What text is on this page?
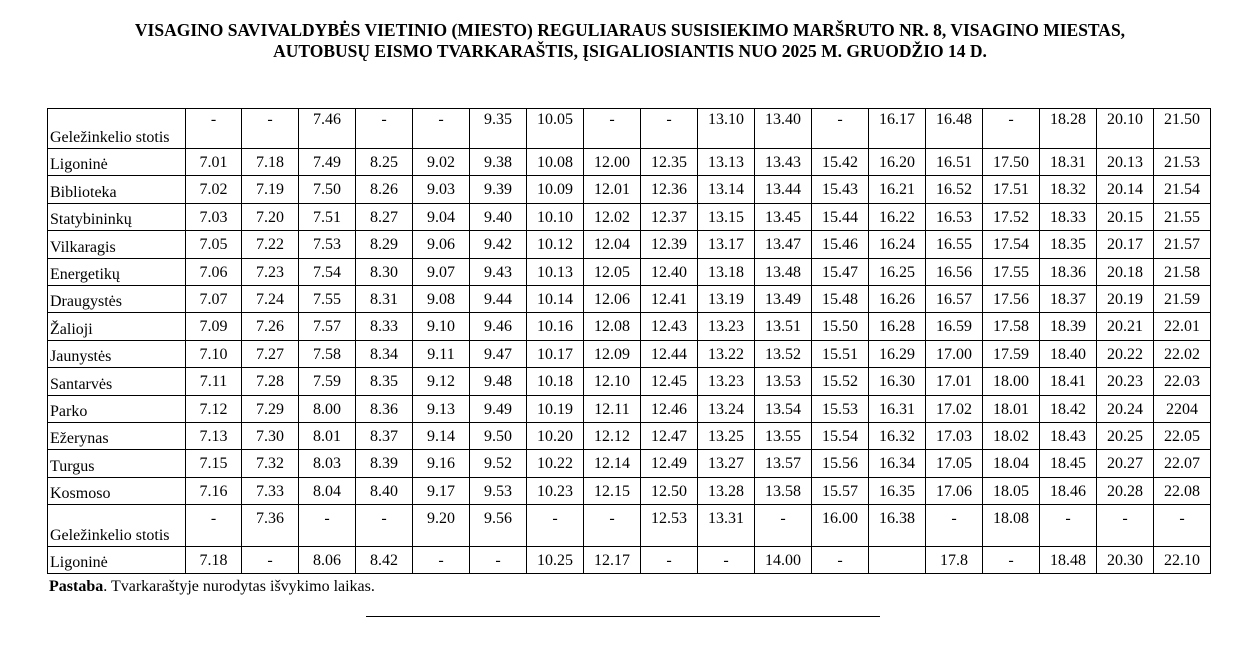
VISAGINO SAVIVALDYBĖS VIETINIO (MIESTO) REGULIARAUS SUSISIEKIMO MARŠRUTO NR. 8, VISAGINO MIESTAS,
AUTOBUSŲ EISMO TVARKARAŠTIS, ĮSIGALIOSIANTIS NUO 2025 M. GRUODŽIO 14 D.
Geležinkelio stotis	-	-	7.46	-	-	9.35	10.05	-	-	13.10	13.40	-	16.17	16.48	-	18.28	20.10	21.50
Ligoninė	7.01	7.18	7.49	8.25	9.02	9.38	10.08	12.00	12.35	13.13	13.43	15.42	16.20	16.51	17.50	18.31	20.13	21.53
Biblioteka	7.02	7.19	7.50	8.26	9.03	9.39	10.09	12.01	12.36	13.14	13.44	15.43	16.21	16.52	17.51	18.32	20.14	21.54
Statybininkų	7.03	7.20	7.51	8.27	9.04	9.40	10.10	12.02	12.37	13.15	13.45	15.44	16.22	16.53	17.52	18.33	20.15	21.55
Vilkaragis	7.05	7.22	7.53	8.29	9.06	9.42	10.12	12.04	12.39	13.17	13.47	15.46	16.24	16.55	17.54	18.35	20.17	21.57
Energetikų	7.06	7.23	7.54	8.30	9.07	9.43	10.13	12.05	12.40	13.18	13.48	15.47	16.25	16.56	17.55	18.36	20.18	21.58
Draugystės	7.07	7.24	7.55	8.31	9.08	9.44	10.14	12.06	12.41	13.19	13.49	15.48	16.26	16.57	17.56	18.37	20.19	21.59
Žalioji	7.09	7.26	7.57	8.33	9.10	9.46	10.16	12.08	12.43	13.23	13.51	15.50	16.28	16.59	17.58	18.39	20.21	22.01
Jaunystės	7.10	7.27	7.58	8.34	9.11	9.47	10.17	12.09	12.44	13.22	13.52	15.51	16.29	17.00	17.59	18.40	20.22	22.02
Santarvės	7.11	7.28	7.59	8.35	9.12	9.48	10.18	12.10	12.45	13.23	13.53	15.52	16.30	17.01	18.00	18.41	20.23	22.03
Parko	7.12	7.29	8.00	8.36	9.13	9.49	10.19	12.11	12.46	13.24	13.54	15.53	16.31	17.02	18.01	18.42	20.24	2204
Ežerynas	7.13	7.30	8.01	8.37	9.14	9.50	10.20	12.12	12.47	13.25	13.55	15.54	16.32	17.03	18.02	18.43	20.25	22.05
Turgus	7.15	7.32	8.03	8.39	9.16	9.52	10.22	12.14	12.49	13.27	13.57	15.56	16.34	17.05	18.04	18.45	20.27	22.07
Kosmoso	7.16	7.33	8.04	8.40	9.17	9.53	10.23	12.15	12.50	13.28	13.58	15.57	16.35	17.06	18.05	18.46	20.28	22.08
Geležinkelio stotis	-	7.36	-	-	9.20	9.56	-	-	12.53	13.31	-	16.00	16.38	-	18.08	-	-	-
Ligoninė	7.18	-	8.06	8.42	-	-	10.25	12.17	-	-	14.00	-		17.8	-	18.48	20.30	22.10
Pastaba. Tvarkaraštyje nurodytas išvykimo laikas.
